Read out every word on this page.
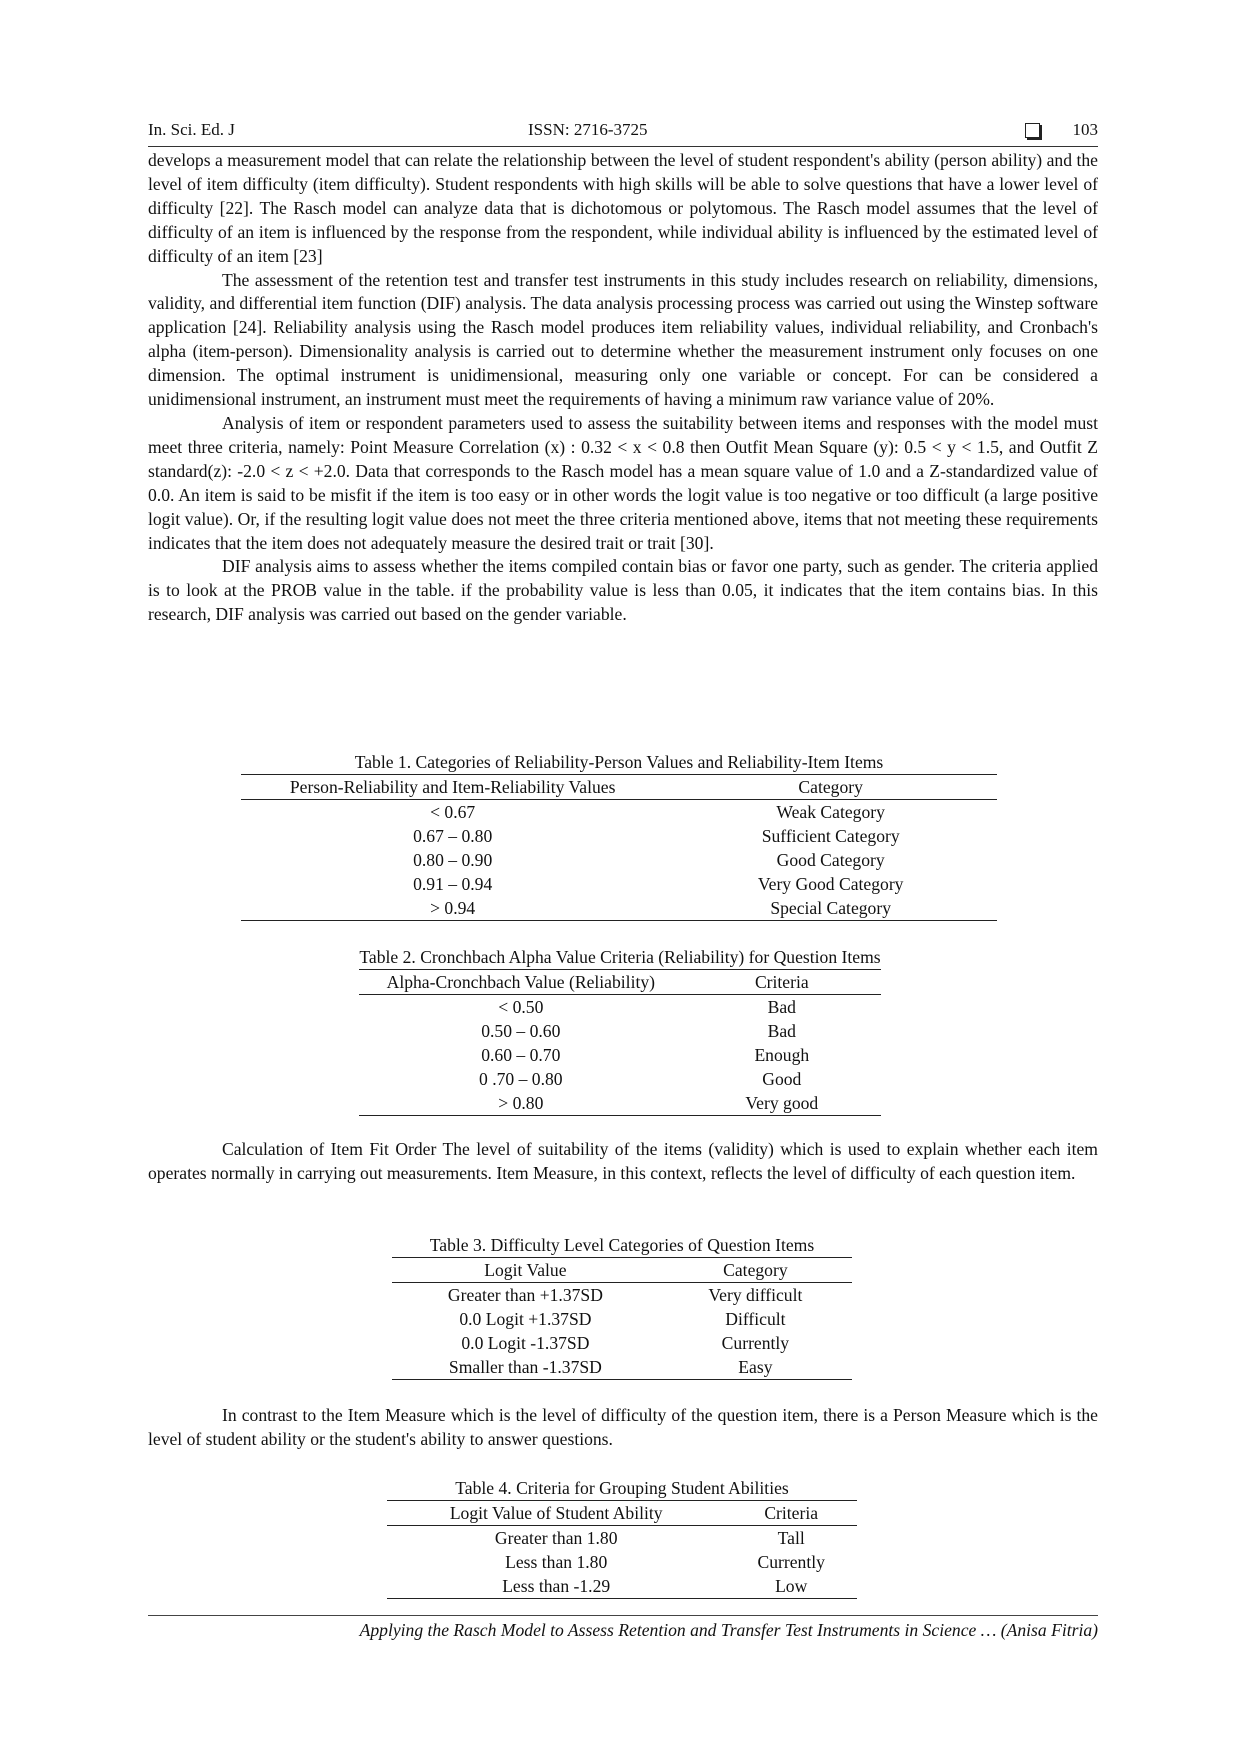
In. Sci. Ed. J	ISSN: 2716-3725	103

develops a measurement model that can relate the relationship between the level of student respondent's ability (person ability) and the level of item difficulty (item difficulty). Student respondents with high skills will be able to solve questions that have a lower level of difficulty [22]. The Rasch model can analyze data that is dichotomous or polytomous. The Rasch model assumes that the level of difficulty of an item is influenced by the response from the respondent, while individual ability is influenced by the estimated level of difficulty of an item [23]

The assessment of the retention test and transfer test instruments in this study includes research on reliability, dimensions, validity, and differential item function (DIF) analysis. The data analysis processing process was carried out using the Winstep software application [24]. Reliability analysis using the Rasch model produces item reliability values, individual reliability, and Cronbach's alpha (item-person). Dimensionality analysis is carried out to determine whether the measurement instrument only focuses on one dimension. The optimal instrument is unidimensional, measuring only one variable or concept. For can be considered a unidimensional instrument, an instrument must meet the requirements of having a minimum raw variance value of 20%.

Analysis of item or respondent parameters used to assess the suitability between items and responses with the model must meet three criteria, namely: Point Measure Correlation (x) : 0.32 < x < 0.8 then Outfit Mean Square (y): 0.5 < y < 1.5, and Outfit Z standard(z): -2.0 < z < +2.0. Data that corresponds to the Rasch model has a mean square value of 1.0 and a Z-standardized value of 0.0. An item is said to be misfit if the item is too easy or in other words the logit value is too negative or too difficult (a large positive logit value). Or, if the resulting logit value does not meet the three criteria mentioned above, items that not meeting these requirements indicates that the item does not adequately measure the desired trait or trait [30].

DIF analysis aims to assess whether the items compiled contain bias or favor one party, such as gender. The criteria applied is to look at the PROB value in the table. if the probability value is less than 0.05, it indicates that the item contains bias. In this research, DIF analysis was carried out based on the gender variable.

Table 1. Categories of Reliability-Person Values and Reliability-Item Items
Person-Reliability and Item-Reliability Values	Category
< 0.67	Weak Category
0.67 – 0.80	Sufficient Category
0.80 – 0.90	Good Category
0.91 – 0.94	Very Good Category
> 0.94	Special Category
Table 2. Cronchbach Alpha Value Criteria (Reliability) for Question Items
Alpha-Cronchbach Value (Reliability)	Criteria
< 0.50	Bad
0.50 – 0.60	Bad
0.60 – 0.70	Enough
0 .70 – 0.80	Good
> 0.80	Very good

Calculation of Item Fit Order The level of suitability of the items (validity) which is used to explain whether each item operates normally in carrying out measurements. Item Measure, in this context, reflects the level of difficulty of each question item.

Table 3. Difficulty Level Categories of Question Items
Logit Value	Category
Greater than +1.37SD	Very difficult
0.0 Logit +1.37SD	Difficult
0.0 Logit -1.37SD	Currently
Smaller than -1.37SD	Easy

In contrast to the Item Measure which is the level of difficulty of the question item, there is a Person Measure which is the level of student ability or the student's ability to answer questions.

Table 4. Criteria for Grouping Student Abilities
Logit Value of Student Ability	Criteria
Greater than 1.80	Tall
Less than 1.80	Currently
Less than -1.29	Low
Applying the Rasch Model to Assess Retention and Transfer Test Instruments in Science … (Anisa Fitria)
